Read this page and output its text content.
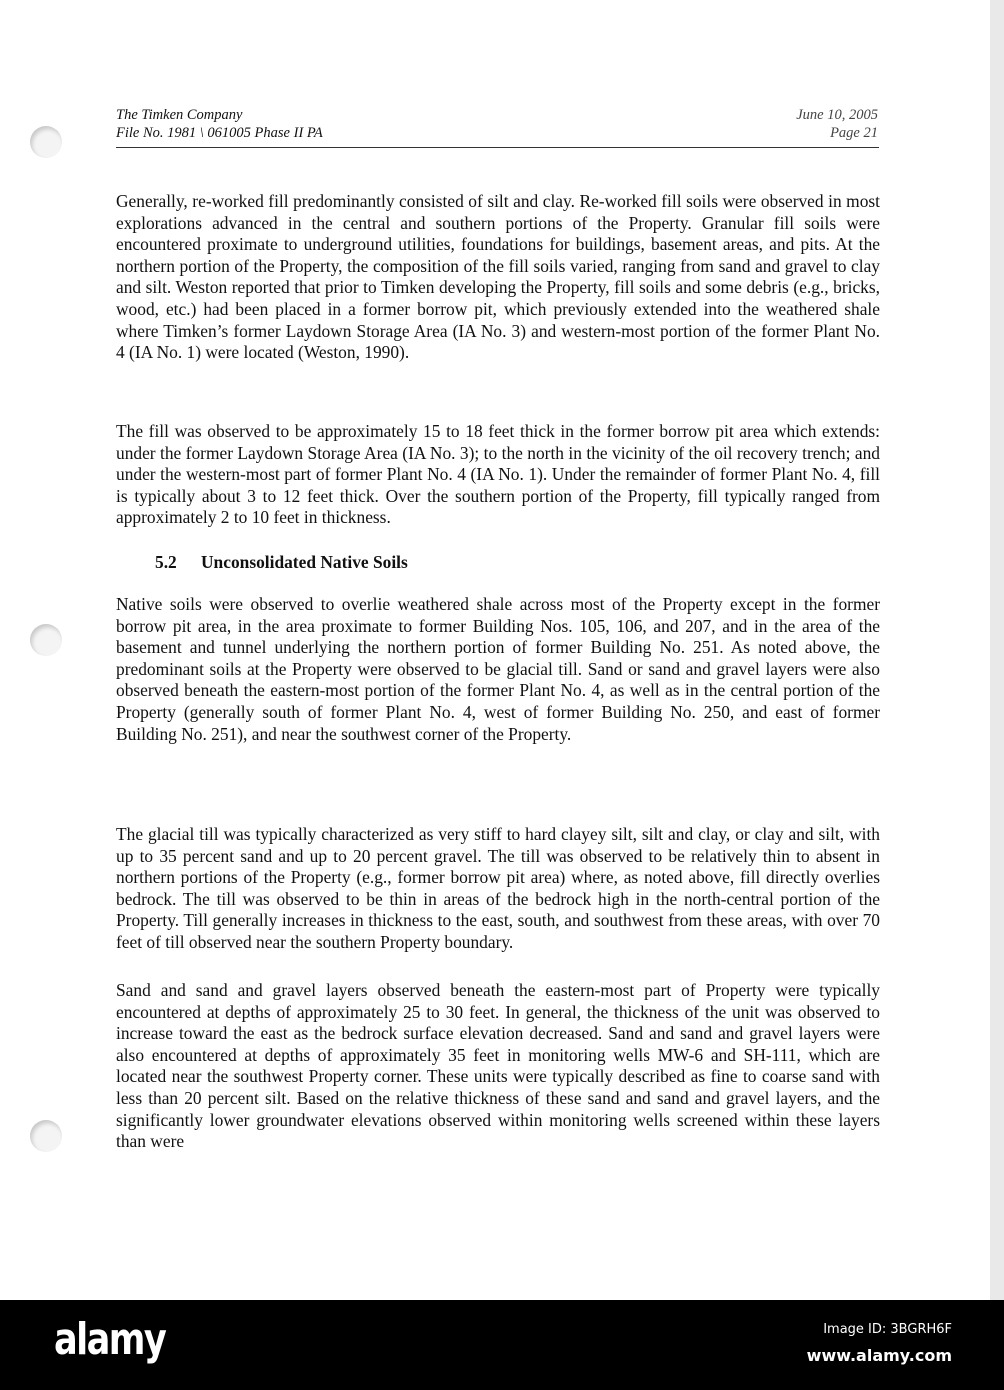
The Timken Company
File No. 1981 \ 061005 Phase II PA
June 10, 2005
Page 21

Generally, re-worked fill predominantly consisted of silt and clay. Re-worked fill soils were observed in most explorations advanced in the central and southern portions of the Property. Granular fill soils were encountered proximate to underground utilities, foundations for buildings, basement areas, and pits. At the northern portion of the Property, the composition of the fill soils varied, ranging from sand and gravel to clay and silt. Weston reported that prior to Timken developing the Property, fill soils and some debris (e.g., bricks, wood, etc.) had been placed in a former borrow pit, which previously extended into the weathered shale where Timken’s former Laydown Storage Area (IA No. 3) and western-most portion of the former Plant No. 4 (IA No. 1) were located (Weston, 1990).

The fill was observed to be approximately 15 to 18 feet thick in the former borrow pit area which extends: under the former Laydown Storage Area (IA No. 3); to the north in the vicinity of the oil recovery trench; and under the western-most part of former Plant No. 4 (IA No. 1). Under the remainder of former Plant No. 4, fill is typically about 3 to 12 feet thick. Over the southern portion of the Property, fill typically ranged from approximately 2 to 10 feet in thickness.

5.2 Unconsolidated Native Soils

Native soils were observed to overlie weathered shale across most of the Property except in the former borrow pit area, in the area proximate to former Building Nos. 105, 106, and 207, and in the area of the basement and tunnel underlying the northern portion of former Building No. 251. As noted above, the predominant soils at the Property were observed to be glacial till. Sand or sand and gravel layers were also observed beneath the eastern-most portion of the former Plant No. 4, as well as in the central portion of the Property (generally south of former Plant No. 4, west of former Building No. 250, and east of former Building No. 251), and near the southwest corner of the Property.

The glacial till was typically characterized as very stiff to hard clayey silt, silt and clay, or clay and silt, with up to 35 percent sand and up to 20 percent gravel. The till was observed to be relatively thin to absent in northern portions of the Property (e.g., former borrow pit area) where, as noted above, fill directly overlies bedrock. The till was observed to be thin in areas of the bedrock high in the north-central portion of the Property. Till generally increases in thickness to the east, south, and southwest from these areas, with over 70 feet of till observed near the southern Property boundary.

Sand and sand and gravel layers observed beneath the eastern-most part of Property were typically encountered at depths of approximately 25 to 30 feet. In general, the thickness of the unit was observed to increase toward the east as the bedrock surface elevation decreased. Sand and sand and gravel layers were also encountered at depths of approximately 35 feet in monitoring wells MW-6 and SH-111, which are located near the southwest Property corner. These units were typically described as fine to coarse sand with less than 20 percent silt. Based on the relative thickness of these sand and sand and gravel layers, and the significantly lower groundwater elevations observed within monitoring wells screened within these layers than were

alamy	Image ID: 3BGRH6F
www.alamy.com
